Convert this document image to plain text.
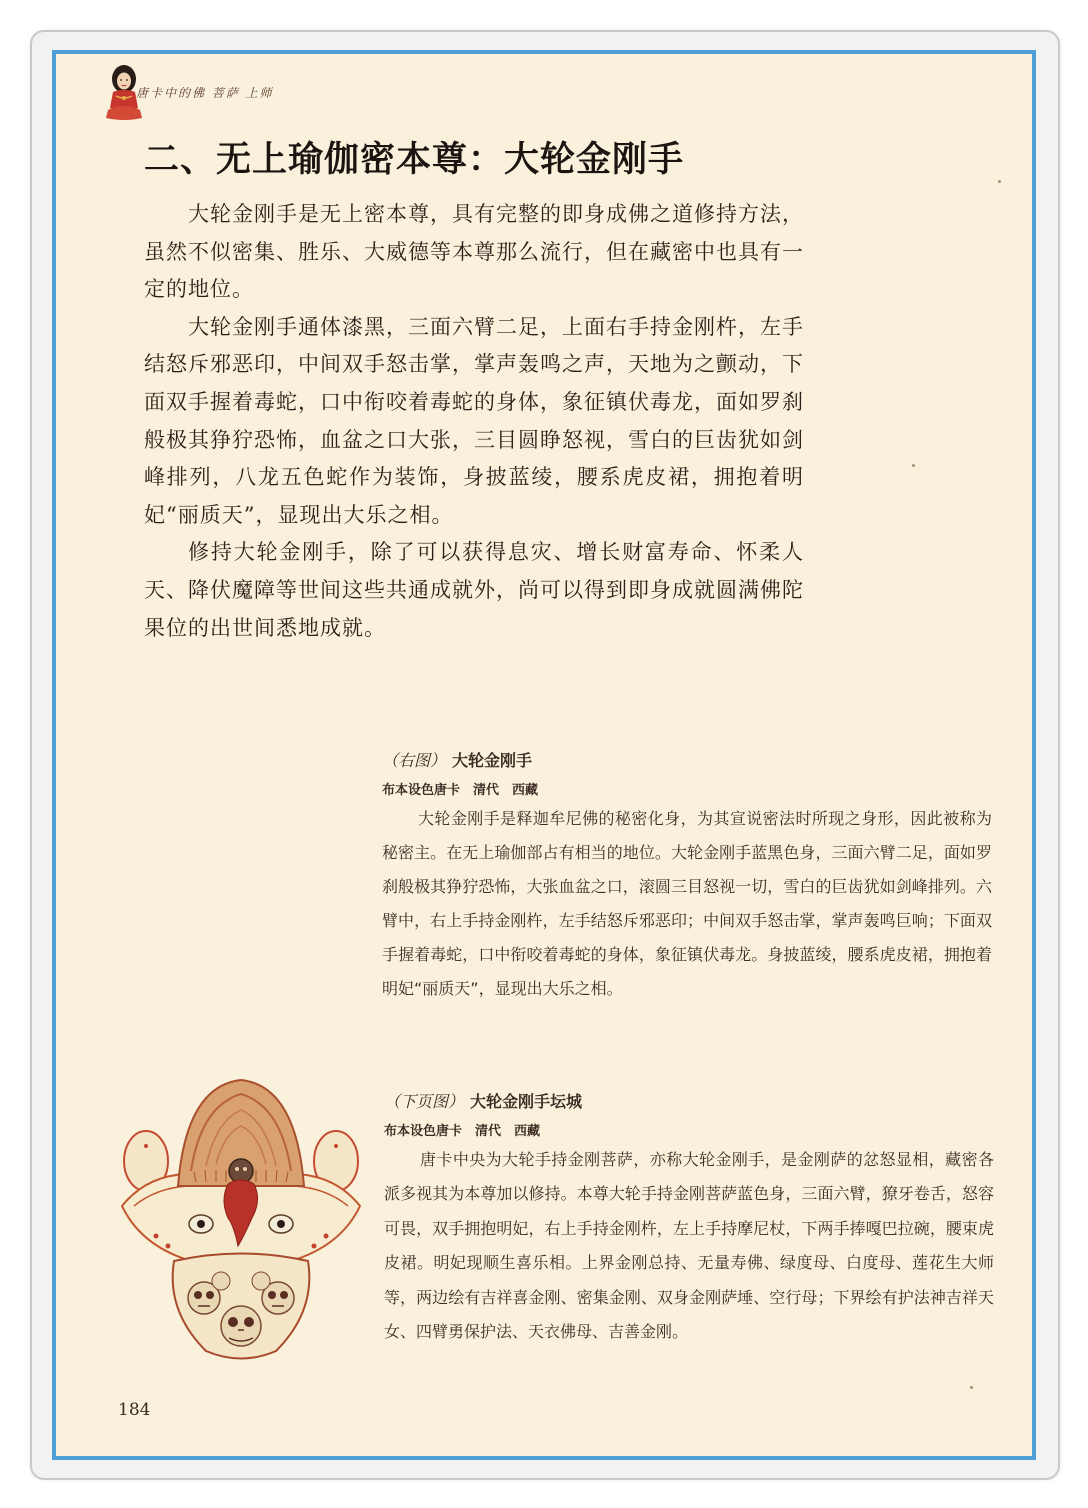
唐卡中的佛 菩萨 上师
二、无上瑜伽密本尊：大轮金刚手

大轮金刚手是无上密本尊，具有完整的即身成佛之道修持方法，虽然不似密集、胜乐、大威德等本尊那么流行，但在藏密中也具有一定的地位。

大轮金刚手通体漆黑，三面六臂二足，上面右手持金刚杵，左手结怒斥邪恶印，中间双手怒击掌，掌声轰鸣之声，天地为之颤动，下面双手握着毒蛇，口中衔咬着毒蛇的身体，象征镇伏毒龙，面如罗刹般极其狰狞恐怖，血盆之口大张，三目圆睁怒视，雪白的巨齿犹如剑峰排列，八龙五色蛇作为装饰，身披蓝绫，腰系虎皮裙，拥抱着明妃“丽质天”，显现出大乐之相。

修持大轮金刚手，除了可以获得息灾、增长财富寿命、怀柔人天、降伏魔障等世间这些共通成就外，尚可以得到即身成就圆满佛陀果位的出世间悉地成就。

（右图） 大轮金刚手
布本设色唐卡　清代　西藏

大轮金刚手是释迦牟尼佛的秘密化身，为其宣说密法时所现之身形，因此被称为秘密主。在无上瑜伽部占有相当的地位。大轮金刚手蓝黑色身，三面六臂二足，面如罗刹般极其狰狞恐怖，大张血盆之口，滚圆三目怒视一切，雪白的巨齿犹如剑峰排列。六臂中，右上手持金刚杵，左手结怒斥邪恶印；中间双手怒击掌，掌声轰鸣巨响；下面双手握着毒蛇，口中衔咬着毒蛇的身体，象征镇伏毒龙。身披蓝绫，腰系虎皮裙，拥抱着明妃“丽质天”，显现出大乐之相。

（下页图） 大轮金刚手坛城
布本设色唐卡　清代　西藏

唐卡中央为大轮手持金刚菩萨，亦称大轮金刚手，是金刚萨的忿怒显相，藏密各派多视其为本尊加以修持。本尊大轮手持金刚菩萨蓝色身，三面六臂，獠牙卷舌，怒容可畏，双手拥抱明妃，右上手持金刚杵，左上手持摩尼杖，下两手捧嘎巴拉碗，腰束虎皮裙。明妃现顺生喜乐相。上界金刚总持、无量寿佛、绿度母、白度母、莲花生大师等，两边绘有吉祥喜金刚、密集金刚、双身金刚萨埵、空行母；下界绘有护法神吉祥天女、四臂勇保护法、天衣佛母、吉善金刚。

184
